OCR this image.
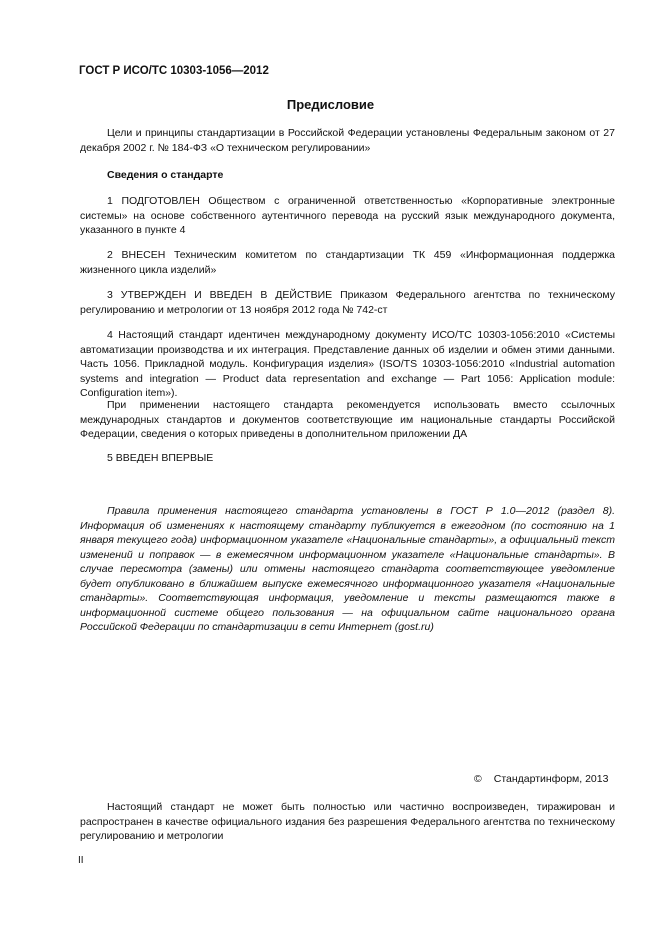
ГОСТ Р ИСО/ТС 10303-1056—2012
Предисловие
Цели и принципы стандартизации в Российской Федерации установлены Федеральным законом от 27 декабря 2002 г. № 184-ФЗ «О техническом регулировании»
Сведения о стандарте
1 ПОДГОТОВЛЕН Обществом с ограниченной ответственностью «Корпоративные электронные системы» на основе собственного аутентичного перевода на русский язык международного документа, указанного в пункте 4
2 ВНЕСЕН Техническим комитетом по стандартизации ТК 459 «Информационная поддержка жизненного цикла изделий»
3 УТВЕРЖДЕН И ВВЕДЕН В ДЕЙСТВИЕ Приказом Федерального агентства по техническому регулированию и метрологии от 13 ноября 2012 года № 742-ст
4 Настоящий стандарт идентичен международному документу ИСО/ТС 10303-1056:2010 «Системы автоматизации производства и их интеграция. Представление данных об изделии и обмен этими данными. Часть 1056. Прикладной модуль. Конфигурация изделия» (ISO/TS 10303-1056:2010 «Industrial automation systems and integration — Product data representation and exchange — Part 1056: Application module: Configuration item»).
При применении настоящего стандарта рекомендуется использовать вместо ссылочных международных стандартов и документов соответствующие им национальные стандарты Российской Федерации, сведения о которых приведены в дополнительном приложении ДА
5 ВВЕДЕН ВПЕРВЫЕ
Правила применения настоящего стандарта установлены в ГОСТ Р 1.0—2012 (раздел 8). Информация об изменениях к настоящему стандарту публикуется в ежегодном (по состоянию на 1 января текущего года) информационном указателе «Национальные стандарты», а официальный текст изменений и поправок — в ежемесячном информационном указателе «Национальные стандарты». В случае пересмотра (замены) или отмены настоящего стандарта соответствующее уведомление будет опубликовано в ближайшем выпуске ежемесячного информационного указателя «Национальные стандарты». Соответствующая информация, уведомление и тексты размещаются также в информационной системе общего пользования — на официальном сайте национального органа Российской Федерации по стандартизации в сети Интернет (gost.ru)
© Стандартинформ, 2013
Настоящий стандарт не может быть полностью или частично воспроизведен, тиражирован и распространен в качестве официального издания без разрешения Федерального агентства по техническому регулированию и метрологии
II
